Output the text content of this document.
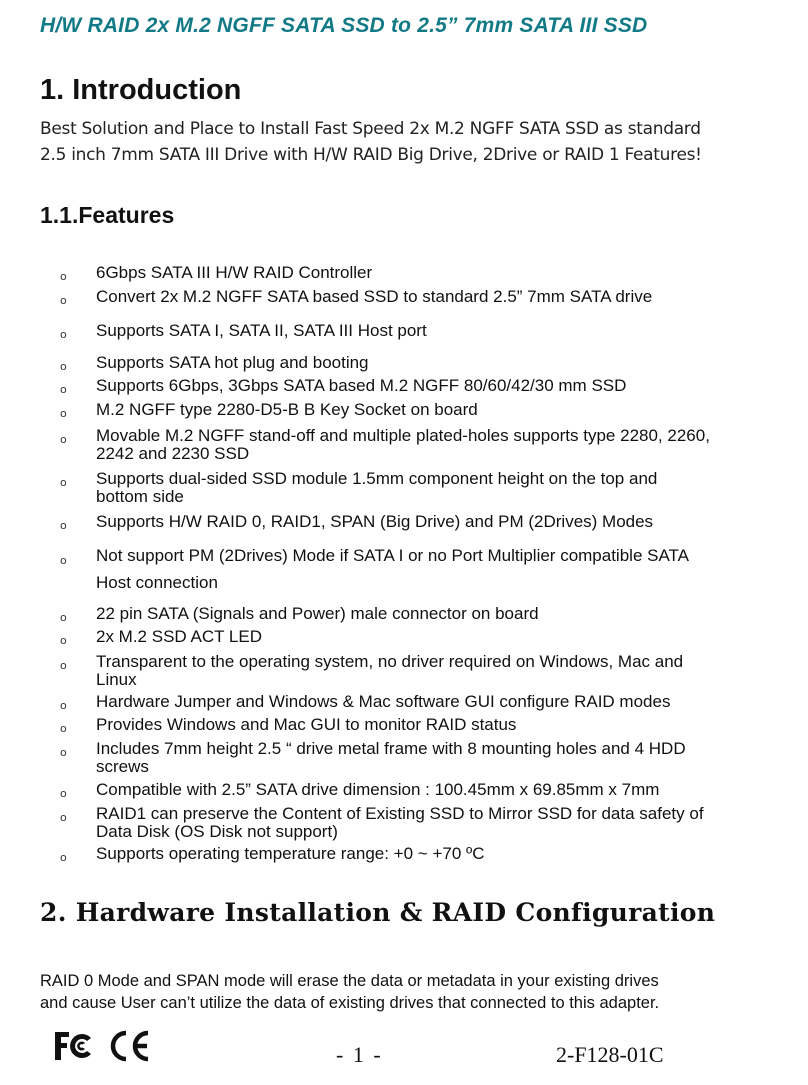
H/W RAID 2x M.2 NGFF SATA SSD to 2.5” 7mm SATA III SSD
1. Introduction
Best Solution and Place to Install Fast Speed 2x M.2 NGFF SATA SSD as standard
2.5 inch 7mm SATA III Drive with H/W RAID Big Drive, 2Drive or RAID 1 Features!
1.1.Features
o 6Gbps SATA III H/W RAID Controller
o Convert 2x M.2 NGFF SATA based SSD to standard 2.5” 7mm SATA drive
o Supports SATA I, SATA II, SATA III Host port
o Supports SATA hot plug and booting
o Supports 6Gbps, 3Gbps SATA based M.2 NGFF 80/60/42/30 mm SSD
o M.2 NGFF type 2280-D5-B B Key Socket on board
o Movable M.2 NGFF stand-off and multiple plated-holes supports type 2280, 2260,
2242 and 2230 SSD
o Supports dual-sided SSD module 1.5mm component height on the top and
bottom side
o Supports H/W RAID 0, RAID1, SPAN (Big Drive) and PM (2Drives) Modes
o Not support PM (2Drives) Mode if SATA I or no Port Multiplier compatible SATA
Host connection
o 22 pin SATA (Signals and Power) male connector on board
o 2x M.2 SSD ACT LED
o Transparent to the operating system, no driver required on Windows, Mac and
Linux
o Hardware Jumper and Windows & Mac software GUI configure RAID modes
o Provides Windows and Mac GUI to monitor RAID status
o Includes 7mm height 2.5 “ drive metal frame with 8 mounting holes and 4 HDD
screws
o Compatible with 2.5” SATA drive dimension : 100.45mm x 69.85mm x 7mm
o RAID1 can preserve the Content of Existing SSD to Mirror SSD for data safety of
Data Disk (OS Disk not support)
o Supports operating temperature range: +0 ~ +70 ºC
2. Hardware Installation & RAID Configuration
RAID 0 Mode and SPAN mode will erase the data or metadata in your existing drives
and cause User can’t utilize the data of existing drives that connected to this adapter.
- 1 -	2-F128-01C
